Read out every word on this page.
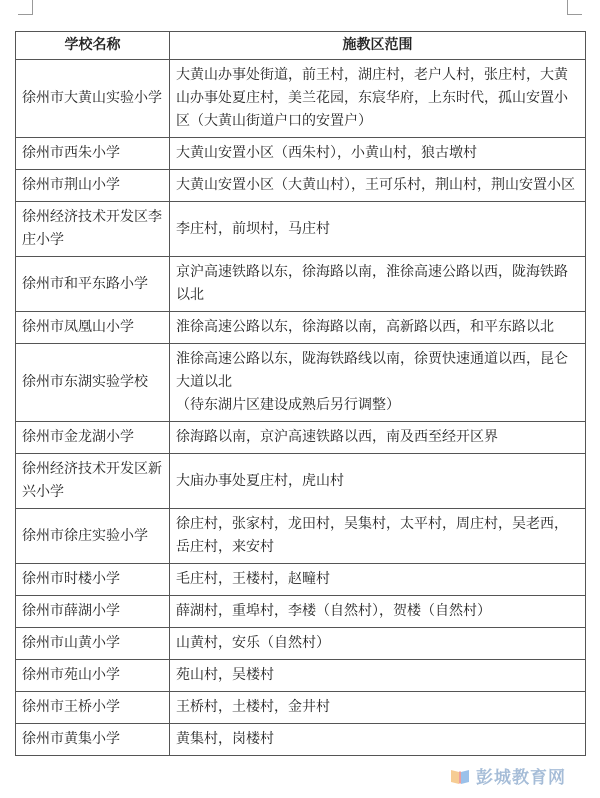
学校名称	施教区范围
徐州市大黄山实验小学	大黄山办事处街道，前王村，湖庄村，老户人村，张庄村，大黄山办事处夏庄村，美兰花园，东宸华府，上东时代，孤山安置小区（大黄山街道户口的安置户）

徐州市西朱小学	大黄山安置小区（西朱村），小黄山村，狼古墩村

徐州市荆山小学	大黄山安置小区（大黄山村），王可乐村，荆山村，荆山安置小区

徐州经济技术开发区李庄小学	李庄村，前坝村，马庄村

徐州市和平东路小学	京沪高速铁路以东，徐海路以南，淮徐高速公路以西，陇海铁路以北

徐州市凤凰山小学	淮徐高速公路以东，徐海路以南，高新路以西，和平东路以北

徐州市东湖实验学校	淮徐高速公路以东，陇海铁路线以南，徐贾快速通道以西，昆仑大道以北
（待东湖片区建设成熟后另行调整）

徐州市金龙湖小学	徐海路以南，京沪高速铁路以西，南及西至经开区界

徐州经济技术开发区新兴小学	大庙办事处夏庄村，虎山村

徐州市徐庄实验小学	徐庄村，张家村，龙田村，吴集村，太平村，周庄村，吴老西，岳庄村，来安村

徐州市时楼小学	毛庄村，王楼村，赵疃村

徐州市薛湖小学	薛湖村，重埠村，李楼（自然村），贺楼（自然村）

徐州市山黄小学	山黄村，安乐（自然村）

徐州市苑山小学	苑山村，吴楼村

徐州市王桥小学	王桥村，土楼村，金井村

徐州市黄集小学	黄集村，岗楼村
彭城教育网
